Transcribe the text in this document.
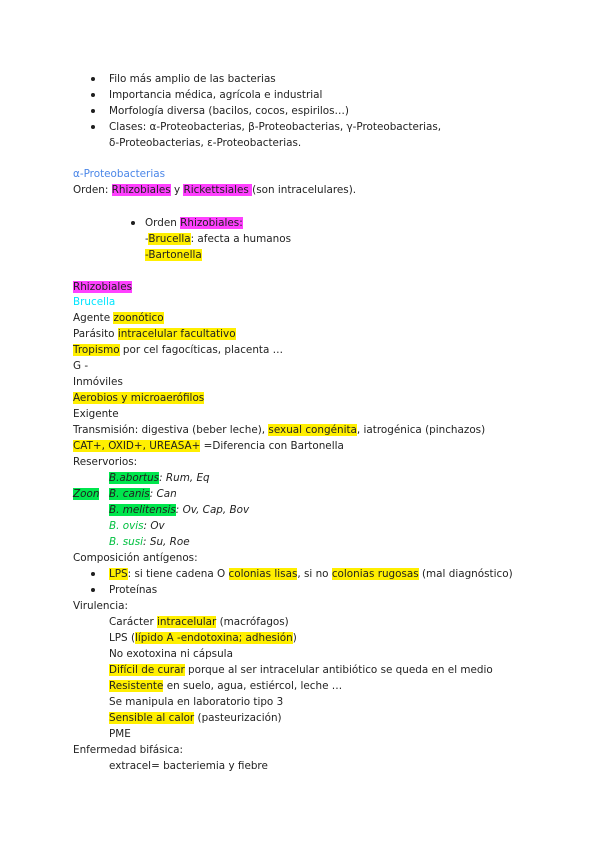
Filo más amplio de las bacterias
Importancia médica, agrícola e industrial
Morfología diversa (bacilos, cocos, espirilos…)
Clases: α-Proteobacterias, β-Proteobacterias, γ-Proteobacterias,
δ-Proteobacterias, ε-Proteobacterias.
α-Proteobacterias
Orden: Rhizobiales y Rickettsiales (son intracelulares).
Orden Rhizobiales:
-Brucella: afecta a humanos
-Bartonella
Rhizobiales
Brucella
Agente zoonótico
Parásito intracelular facultativo
Tropismo por cel fagocíticas, placenta …
G -
Inmóviles
Aerobios y microaerófilos
Exigente
Transmisión: digestiva (beber leche), sexual congénita, iatrogénica (pinchazos)
CAT+, OXID+, UREASA+ =Diferencia con Bartonella
Reservorios:
B.abortus: Rum, Eq
Zoon B. canis: Can
B. melitensis: Ov, Cap, Bov
B. ovis: Ov
B. susi: Su, Roe
Composición antígenos:
LPS: si tiene cadena O colonias lisas, si no colonias rugosas (mal diagnóstico)
Proteínas
Virulencia:
Carácter intracelular (macrófagos)
LPS (lípido A -endotoxina; adhesión)
No exotoxina ni cápsula
Difícil de curar porque al ser intracelular antibiótico se queda en el medio
Resistente en suelo, agua, estiércol, leche …
Se manipula en laboratorio tipo 3
Sensible al calor (pasteurización)
PME
Enfermedad bifásica:
extracel= bacteriemia y fiebre
